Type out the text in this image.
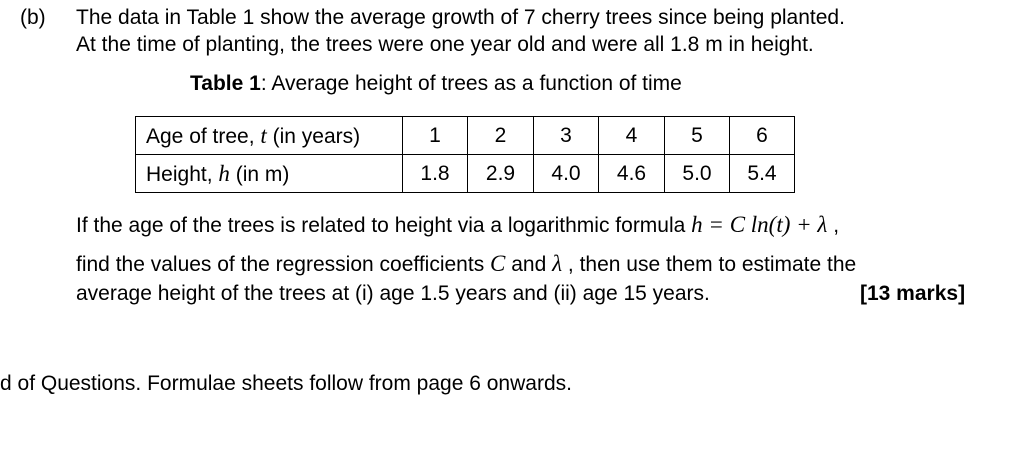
(b) The data in Table 1 show the average growth of 7 cherry trees since being planted.
At the time of planting, the trees were one year old and were all 1.8 m in height.
Table 1: Average height of trees as a function of time
Age of tree, t (in years)	1	2	3	4	5	6
Height, h (in m)	1.8	2.9	4.0	4.6	5.0	5.4
If the age of the trees is related to height via a logarithmic formula h = C ln(t) + λ ,
find the values of the regression coefficients C and λ , then use them to estimate the
average height of the trees at (i) age 1.5 years and (ii) age 15 years.	[13 marks]
d of Questions. Formulae sheets follow from page 6 onwards.
